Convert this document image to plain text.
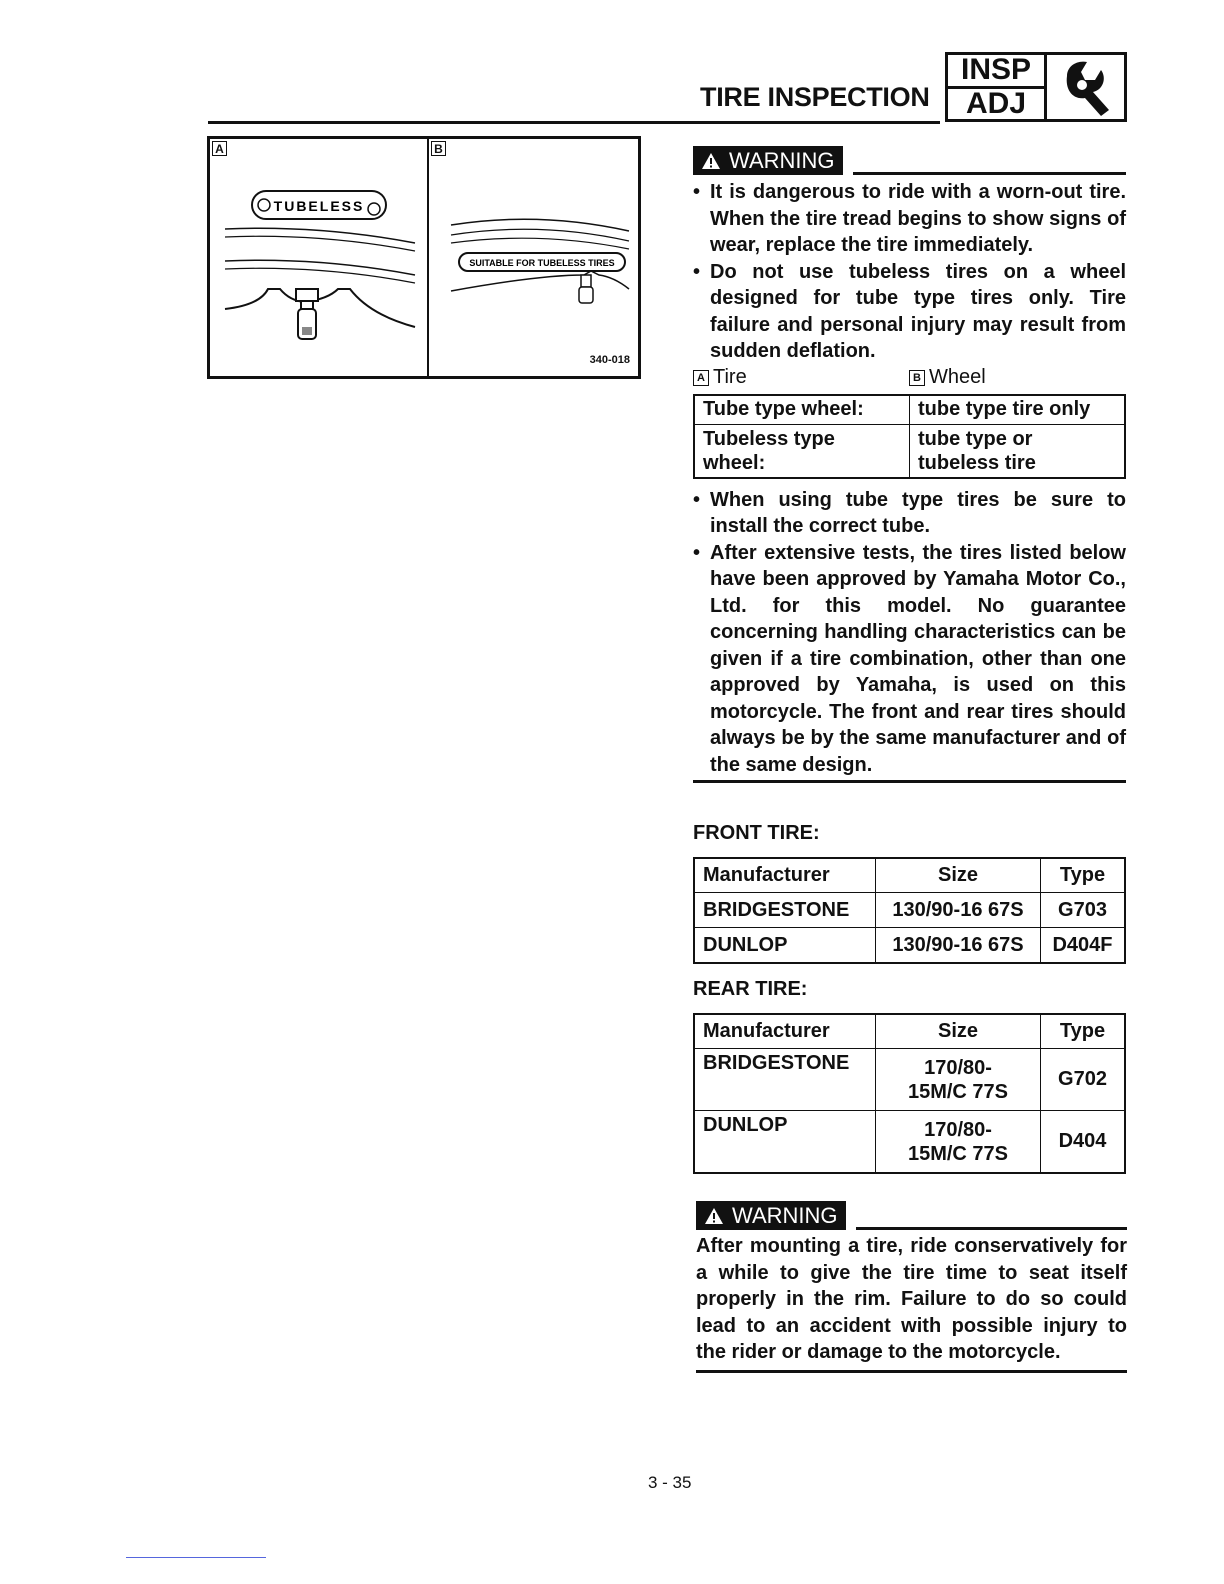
TIRE INSPECTION
INSP
ADJ
A
TUBELESS
B
SUITABLE FOR TUBELESS TIRES
340-018
WARNING
• It is dangerous to ride with a worn-out tire. When the tire tread begins to show signs of wear, replace the tire immediately.
• Do not use tubeless tires on a wheel designed for tube type tires only. Tire failure and personal injury may result from sudden deflation.
A Tire	B Wheel
Tube type wheel:	tube type tire only
Tubeless type wheel:	tube type or tubeless tire
• When using tube type tires be sure to install the correct tube.
• After extensive tests, the tires listed below have been approved by Yamaha Motor Co., Ltd. for this model. No guarantee concerning handling characteristics can be given if a tire combination, other than one approved by Yamaha, is used on this motorcycle. The front and rear tires should always be by the same manufacturer and of the same design.
FRONT TIRE:
Manufacturer	Size	Type
BRIDGESTONE	130/90-16 67S	G703
DUNLOP	130/90-16 67S	D404F
REAR TIRE:
Manufacturer	Size	Type
BRIDGESTONE	170/80-15M/C 77S	G702
DUNLOP	170/80-15M/C 77S	D404
WARNING
After mounting a tire, ride conservatively for a while to give the tire time to seat itself properly in the rim. Failure to do so could lead to an accident with possible injury to the rider or damage to the motorcycle.
3 - 35
